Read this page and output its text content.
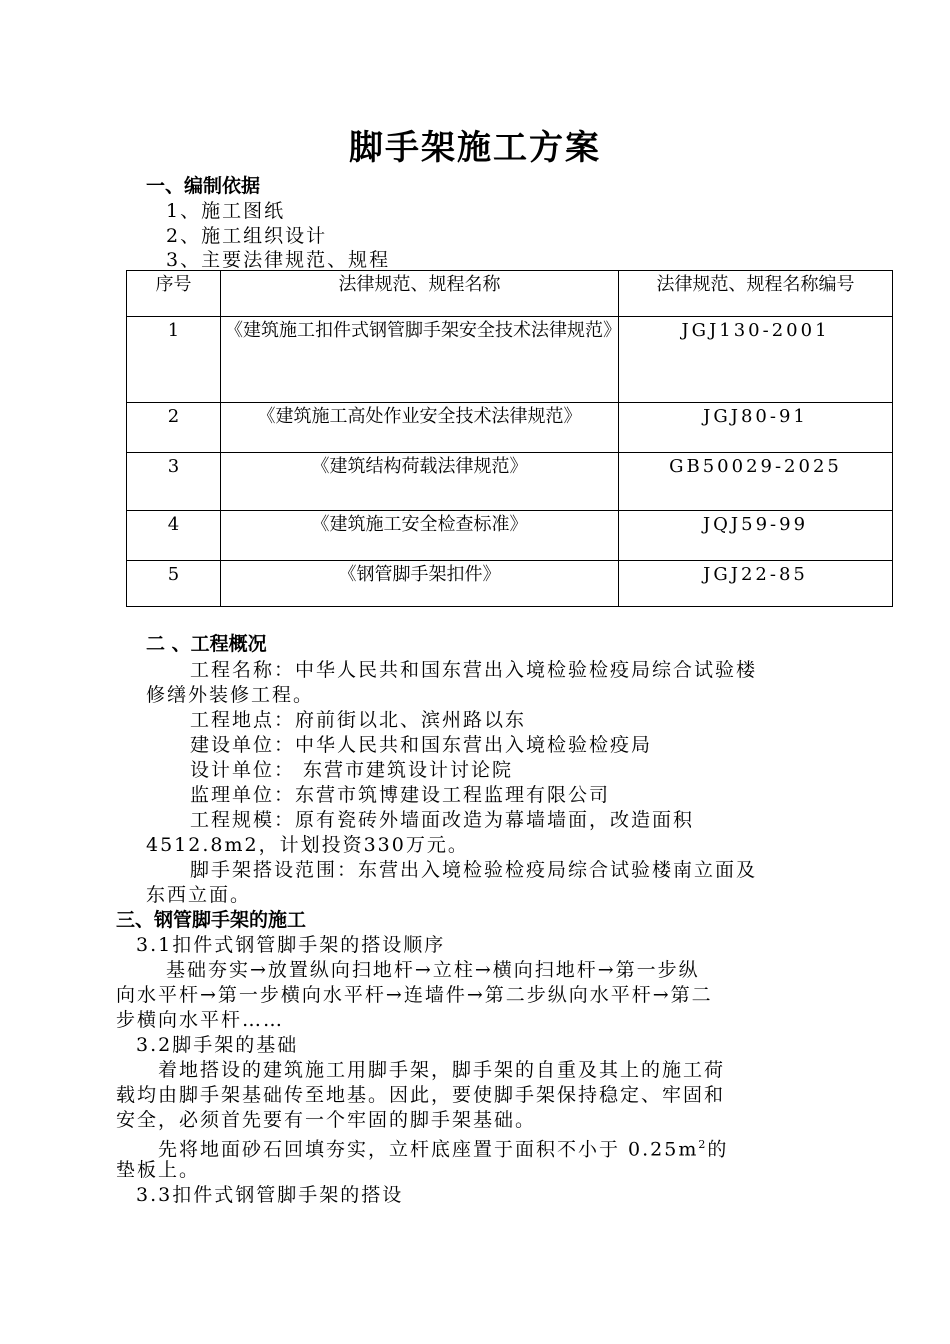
脚手架施工方案
一、编制依据
1、施工图纸
2、施工组织设计
3、主要法律规范、规程
序号	法律规范、规程名称	法律规范、规程名称编号
1	《建筑施工扣件式钢管脚手架安全技术法律规范》	JGJ130-2001
2	《建筑施工高处作业安全技术法律规范》	JGJ80-91
3	《建筑结构荷载法律规范》	GB50029-2025
4	《建筑施工安全检查标准》	JQJ59-99
5	《钢管脚手架扣件》	JGJ22-85
二 、工程概况
工程名称：中华人民共和国东营出入境检验检疫局综合试验楼
修缮外装修工程。
工程地点：府前街以北、滨州路以东
建设单位：中华人民共和国东营出入境检验检疫局
设计单位： 东营市建筑设计讨论院
监理单位：东营市筑博建设工程监理有限公司
工程规模：原有瓷砖外墙面改造为幕墙墙面，改造面积
4512.8m2，计划投资330万元。
脚手架搭设范围：东营出入境检验检疫局综合试验楼南立面及
东西立面。
三、钢管脚手架的施工
3.1扣件式钢管脚手架的搭设顺序
基础夯实→放置纵向扫地杆→立柱→横向扫地杆→第一步纵
向水平杆→第一步横向水平杆→连墙件→第二步纵向水平杆→第二
步横向水平杆……
3.2脚手架的基础
着地搭设的建筑施工用脚手架，脚手架的自重及其上的施工荷
载均由脚手架基础传至地基。因此，要使脚手架保持稳定、牢固和
安全，必须首先要有一个牢固的脚手架基础。
先将地面砂石回填夯实，立杆底座置于面积不小于 $0.25m^2$的
垫板上。
3.3扣件式钢管脚手架的搭设
